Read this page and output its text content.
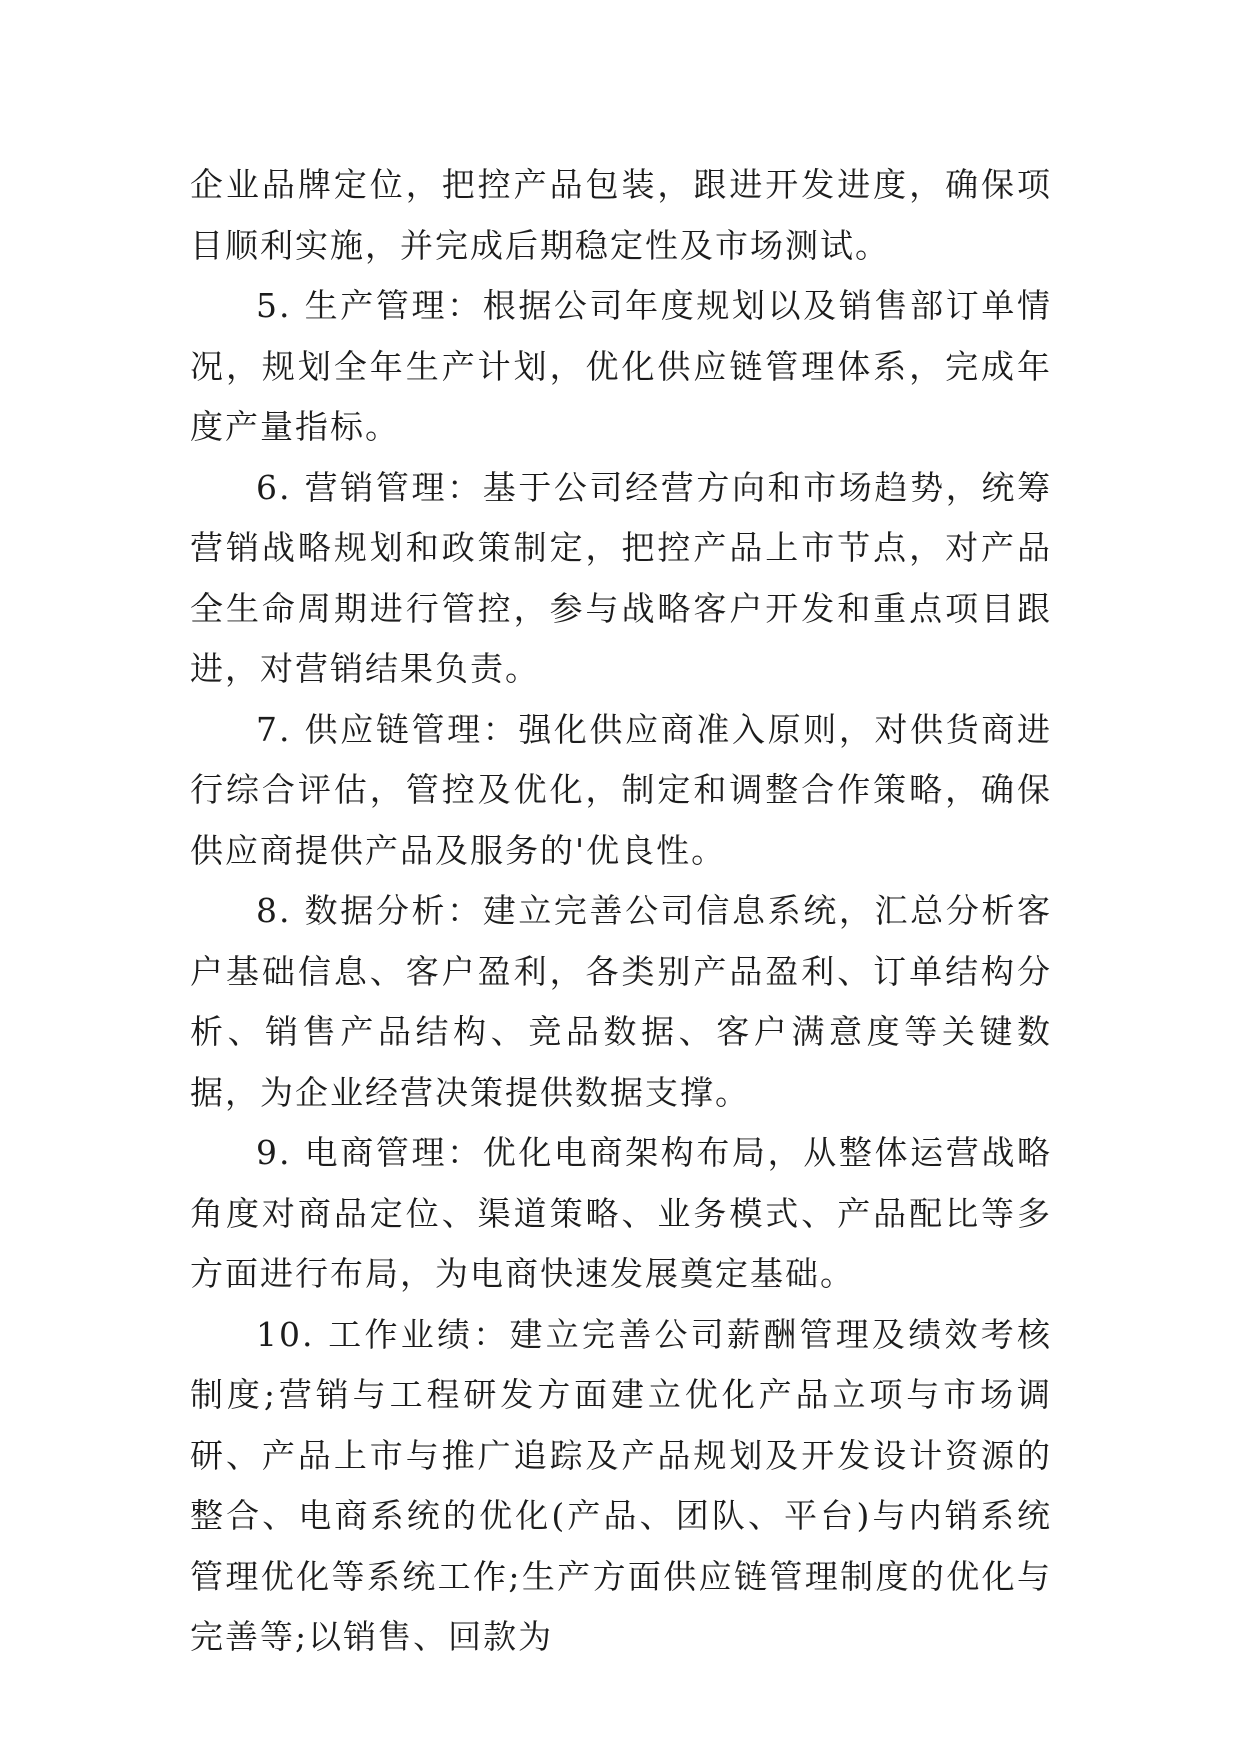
企业品牌定位，把控产品包装，跟进开发进度，确保项目顺利实施，并完成后期稳定性及市场测试。

5. 生产管理：根据公司年度规划以及销售部订单情况，规划全年生产计划，优化供应链管理体系，完成年度产量指标。

6. 营销管理：基于公司经营方向和市场趋势，统筹营销战略规划和政策制定，把控产品上市节点，对产品全生命周期进行管控，参与战略客户开发和重点项目跟进，对营销结果负责。

7. 供应链管理：强化供应商准入原则，对供货商进行综合评估，管控及优化，制定和调整合作策略，确保供应商提供产品及服务的'优良性。

8. 数据分析：建立完善公司信息系统，汇总分析客户基础信息、客户盈利，各类别产品盈利、订单结构分析、销售产品结构、竞品数据、客户满意度等关键数据，为企业经营决策提供数据支撑。

9. 电商管理：优化电商架构布局，从整体运营战略角度对商品定位、渠道策略、业务模式、产品配比等多方面进行布局，为电商快速发展奠定基础。

10. 工作业绩：建立完善公司薪酬管理及绩效考核制度;营销与工程研发方面建立优化产品立项与市场调研、产品上市与推广追踪及产品规划及开发设计资源的整合、电商系统的优化(产品、团队、平台)与内销系统管理优化等系统工作;生产方面供应链管理制度的优化与完善等;以销售、回款为
